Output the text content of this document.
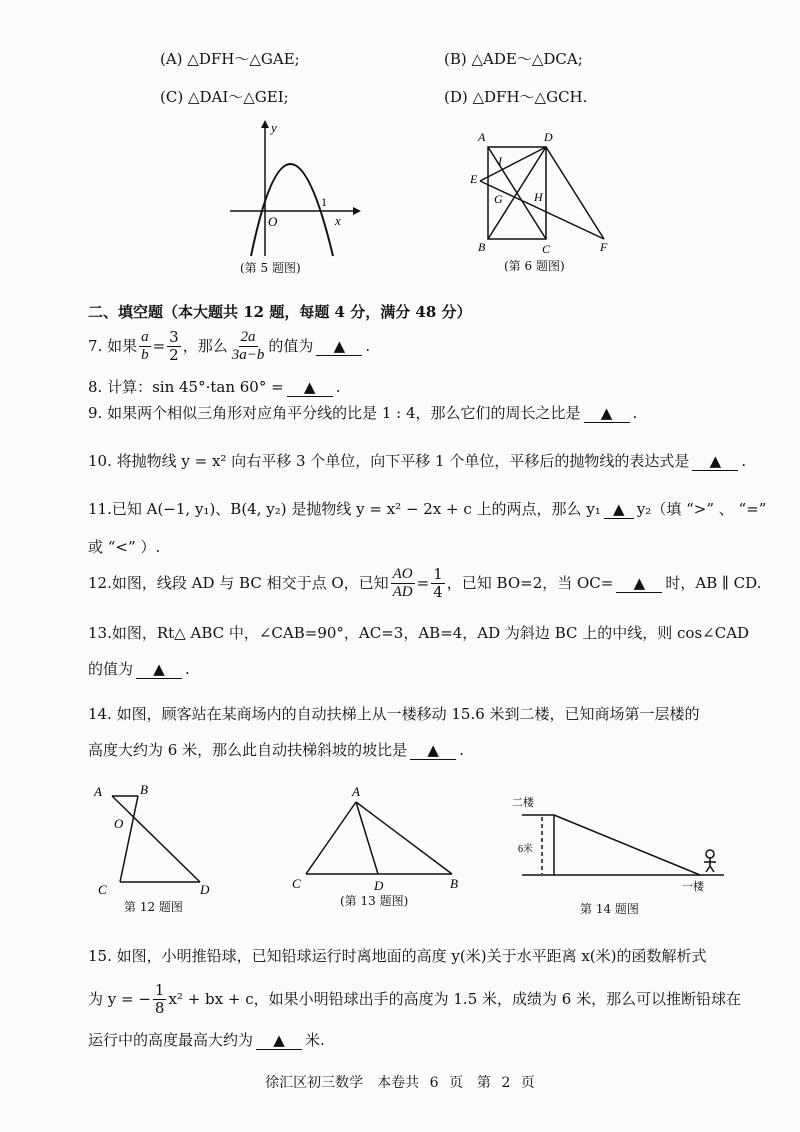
(A) △DFH～△GAE;	(B) △ADE～△DCA;
(C) △DAI～△GEI;	(D) △DFH～△GCH.
y
x
O
1
(第 5 题图)
A	D
I
E
G	H
B	C	F
(第 6 题图)
二、填空题（本大题共 12 题，每题 4 分，满分 48 分）
7. 如果 $\frac{a}{b} = \frac{3}{2}$ ，那么 $\frac{2a}{3a-b}$ 的值为	▲	.
8. 计算：sin 45°·tan 60° = ▲ .
9. 如果两个相似三角形对应角平分线的比是 1 : 4，那么它们的周长之比是 ▲ .
10. 将抛物线 y = x² 向右平移 3 个单位，向下平移 1 个单位，平移后的抛物线的表达式是 ▲ .
11.已知 A(−1, y₁)、B(4, y₂) 是抛物线 y = x² − 2x + c 上的两点，那么 y₁ ▲ y₂（填 “>” 、 “=”
或 “<” ）.
12.如图，线段 AD 与 BC 相交于点 O，已知 $\frac{AO}{AD} = \frac{1}{4}$ ，已知 BO=2，当 OC=	▲	时，AB ∥ CD.
13.如图，Rt△ ABC 中，∠CAB=90°，AC=3，AB=4，AD 为斜边 BC 上的中线，则 cos∠CAD
的值为 ▲ .
14. 如图，顾客站在某商场内的自动扶梯上从一楼移动 15.6 米到二楼，已知商场第一层楼的
高度大约为 6 米，那么此自动扶梯斜坡的坡比是 ▲ .
A	B
O
C	D
第 12 题图
A
C	D	B
(第 13 题图)
二楼
6米
一楼
第 14 题图
15. 如图，小明推铅球，已知铅球运行时离地面的高度 y(米)关于水平距离 x(米)的函数解析式
为 y = − $\frac{1}{8} x^2$ + bx + c，如果小明铅球出手的高度为 1.5 米，成绩为 6 米，那么可以推断铅球在
运行中的高度最高大约为 ▲ 米.
徐汇区初三数学　本卷共 6 页　第 2 页
